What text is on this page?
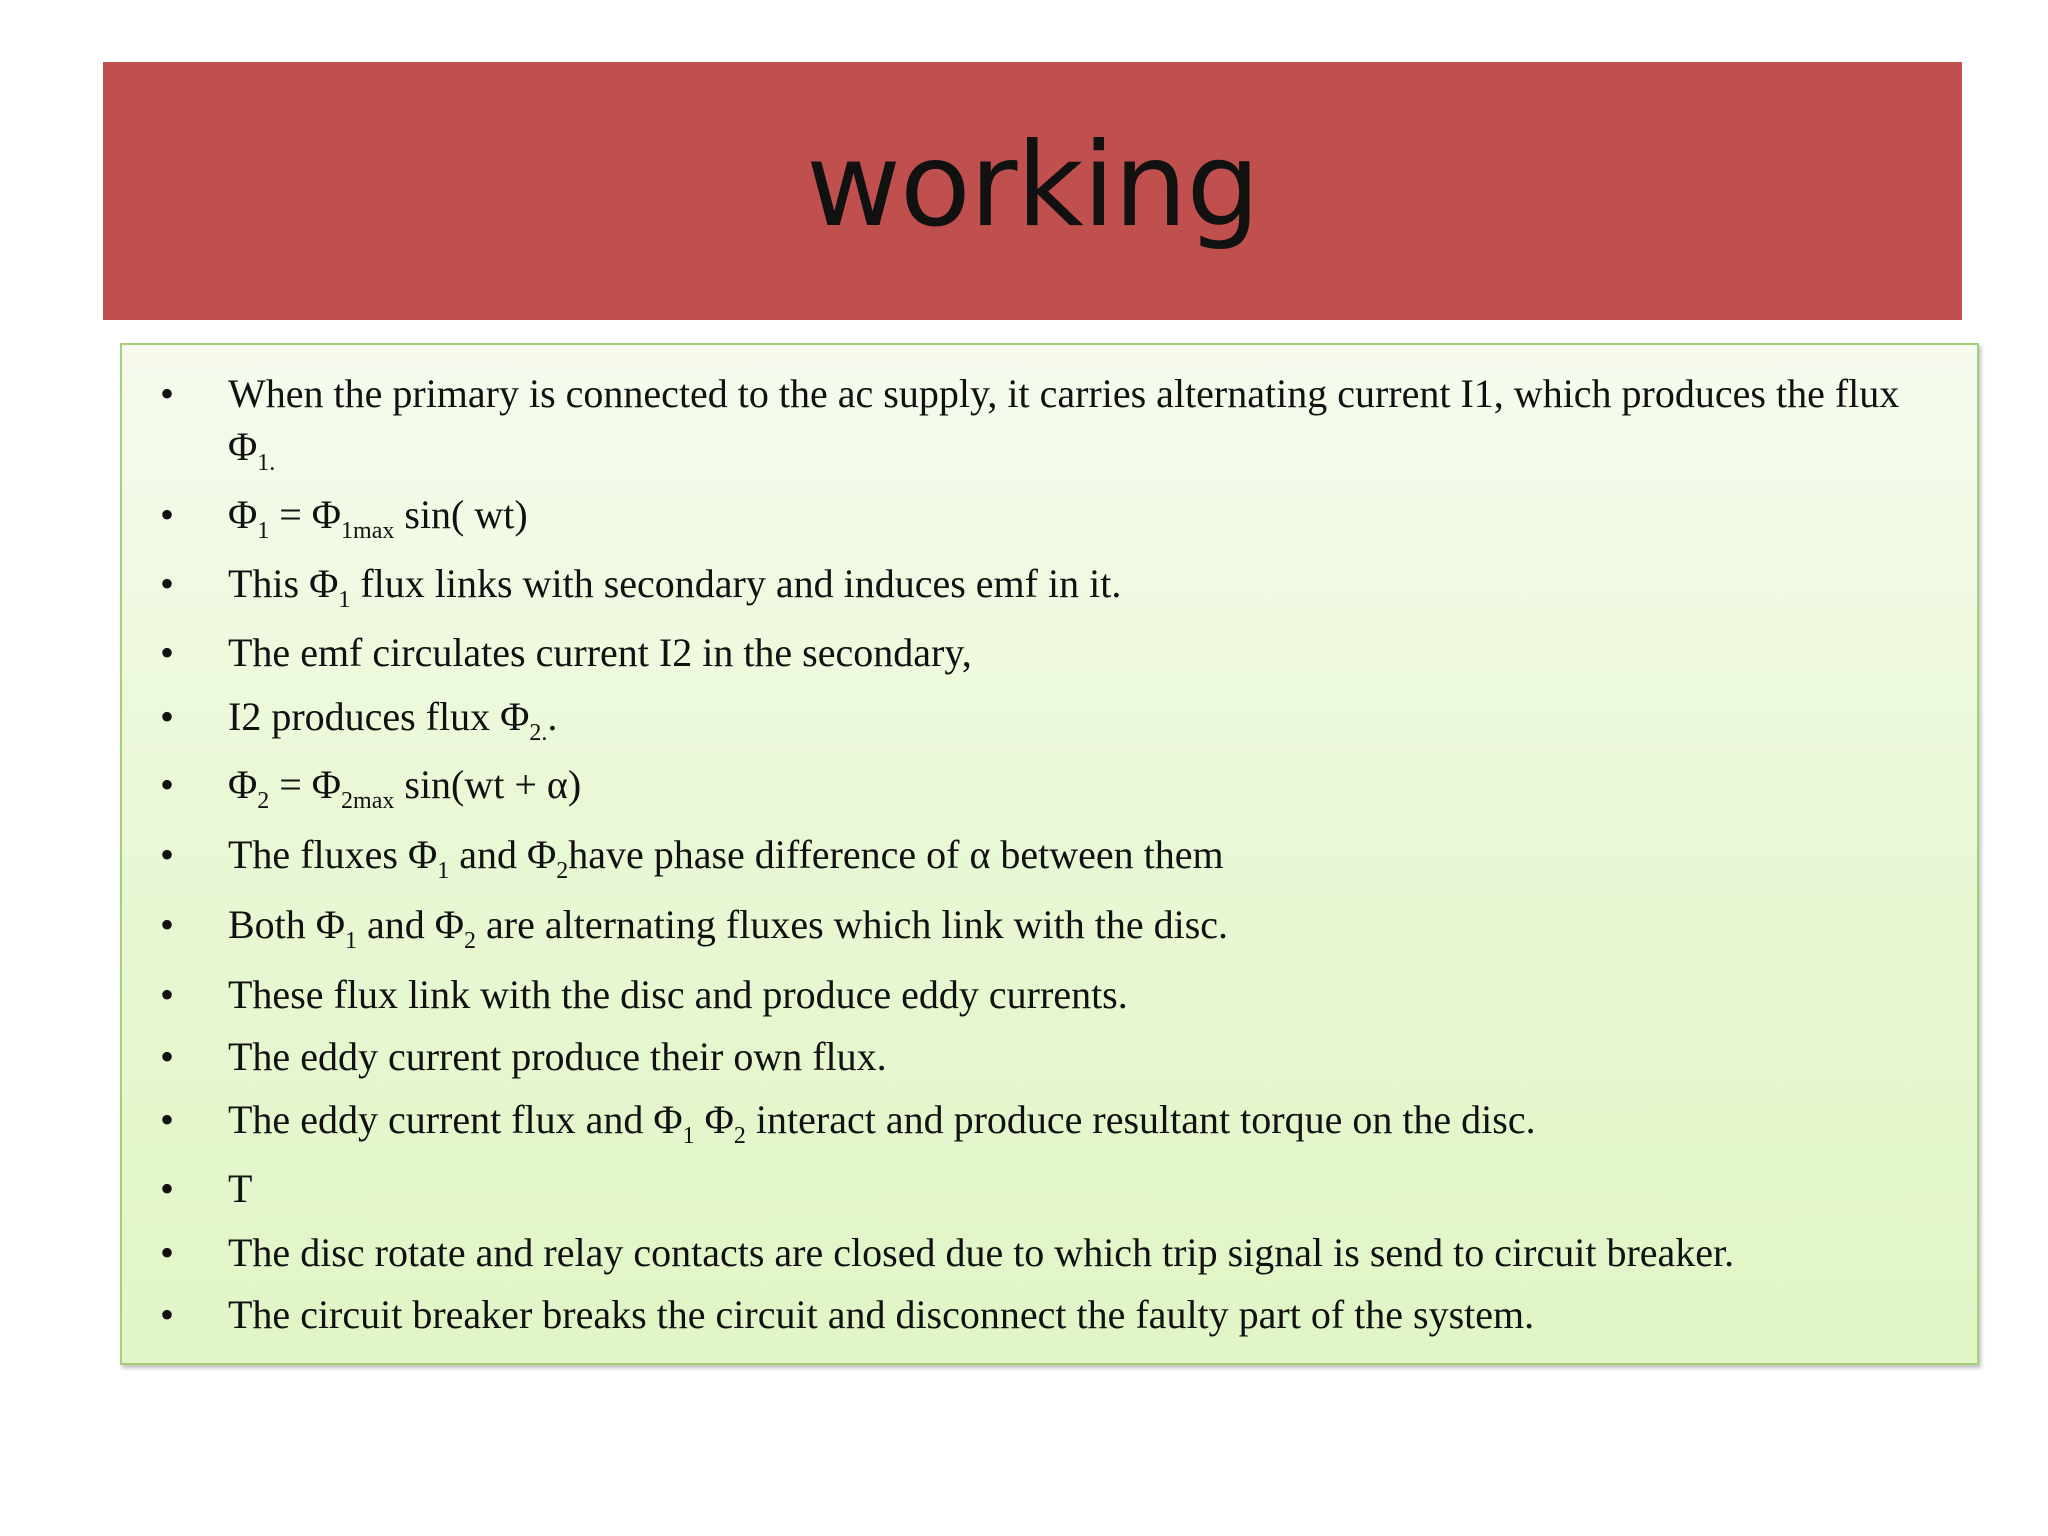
working
• When the primary is connected to the ac supply, it carries alternating current I1, which produces the flux $\Phi_{1.}$
• $\Phi_1 = \Phi_{1max}$ sin( wt)
• This $\Phi_1$ flux links with secondary and induces emf in it.
• The emf circulates current I2 in the secondary,
• I2 produces flux $\Phi_{2.}$.
• $\Phi_2 = \Phi_{2max}$ sin(wt + α)
• The fluxes $\Phi_1$ and $\Phi_2have$ phase difference of α between them
• Both $\Phi_1$ and $\Phi_2$ are alternating fluxes which link with the disc.
• These flux link with the disc and produce eddy currents.
• The eddy current produce their own flux.
• The eddy current flux and $\Phi_1$ $\Phi_2$ interact and produce resultant torque on the disc.
• T
• The disc rotate and relay contacts are closed due to which trip signal is send to circuit breaker.
• The circuit breaker breaks the circuit and disconnect the faulty part of the system.
